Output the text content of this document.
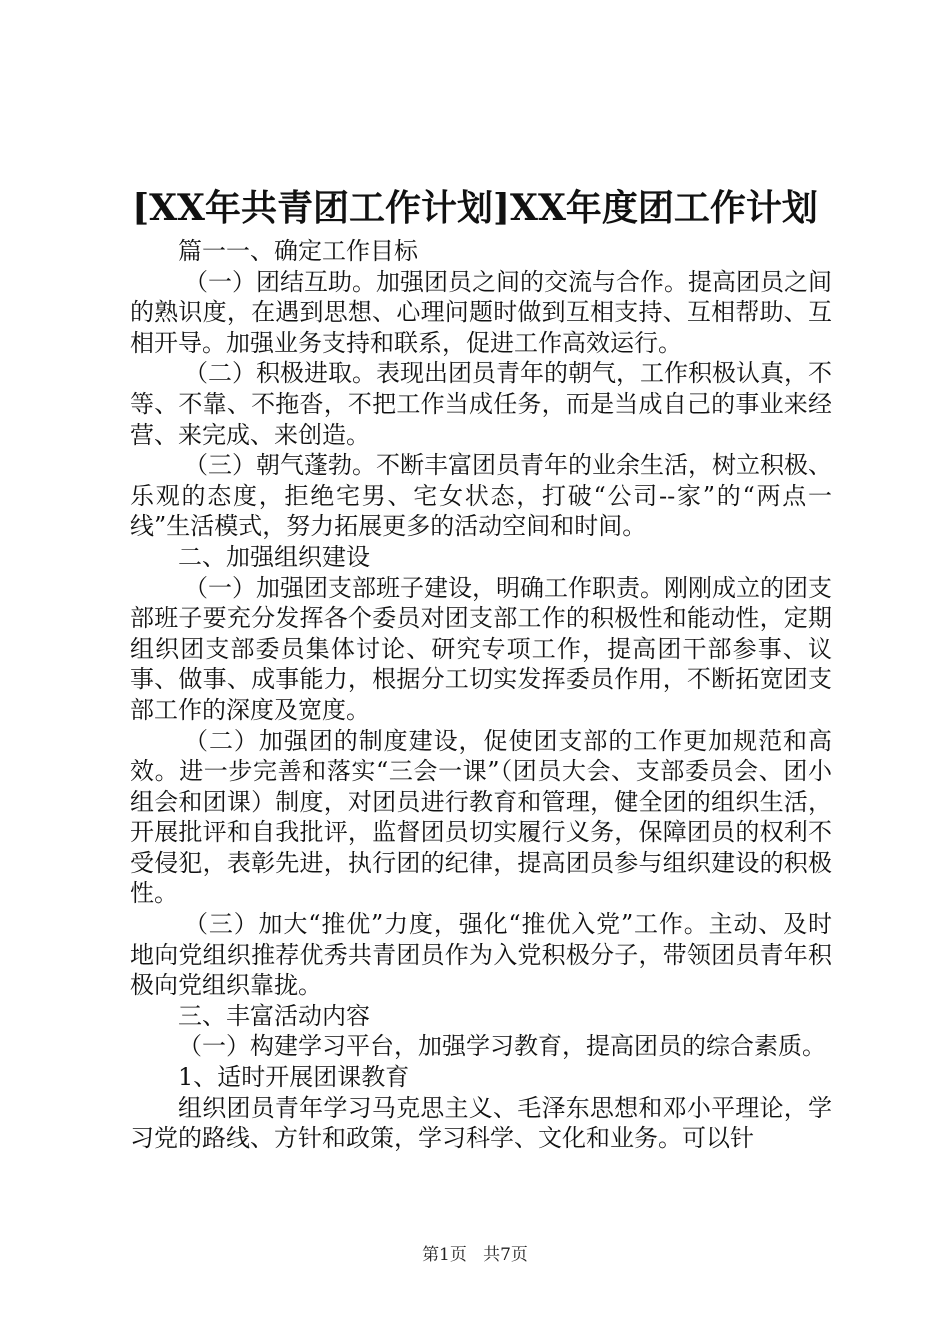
[XX年共青团工作计划]XX年度团工作计划

篇一一、确定工作目标

（一）团结互助。加强团员之间的交流与合作。提高团员之间的熟识度，在遇到思想、心理问题时做到互相支持、互相帮助、互相开导。加强业务支持和联系，促进工作高效运行。

（二）积极进取。表现出团员青年的朝气，工作积极认真，不等、不靠、不拖沓，不把工作当成任务，而是当成自己的事业来经营、来完成、来创造。

（三）朝气蓬勃。不断丰富团员青年的业余生活，树立积极、乐观的态度，拒绝宅男、宅女状态，打破“公司--家”的“两点一线”生活模式，努力拓展更多的活动空间和时间。

二、加强组织建设

（一）加强团支部班子建设，明确工作职责。刚刚成立的团支部班子要充分发挥各个委员对团支部工作的积极性和能动性，定期组织团支部委员集体讨论、研究专项工作，提高团干部参事、议事、做事、成事能力，根据分工切实发挥委员作用，不断拓宽团支部工作的深度及宽度。

（二）加强团的制度建设，促使团支部的工作更加规范和高效。进一步完善和落实“三会一课”（团员大会、支部委员会、团小组会和团课）制度，对团员进行教育和管理，健全团的组织生活，开展批评和自我批评，监督团员切实履行义务，保障团员的权利不受侵犯，表彰先进，执行团的纪律，提高团员参与组织建设的积极性。

（三）加大“推优”力度，强化“推优入党”工作。主动、及时地向党组织推荐优秀共青团员作为入党积极分子，带领团员青年积极向党组织靠拢。

三、丰富活动内容

（一）构建学习平台，加强学习教育，提高团员的综合素质。

1、适时开展团课教育

组织团员青年学习马克思主义、毛泽东思想和邓小平理论，学习党的路线、方针和政策，学习科学、文化和业务。可以针

第1页 共7页
